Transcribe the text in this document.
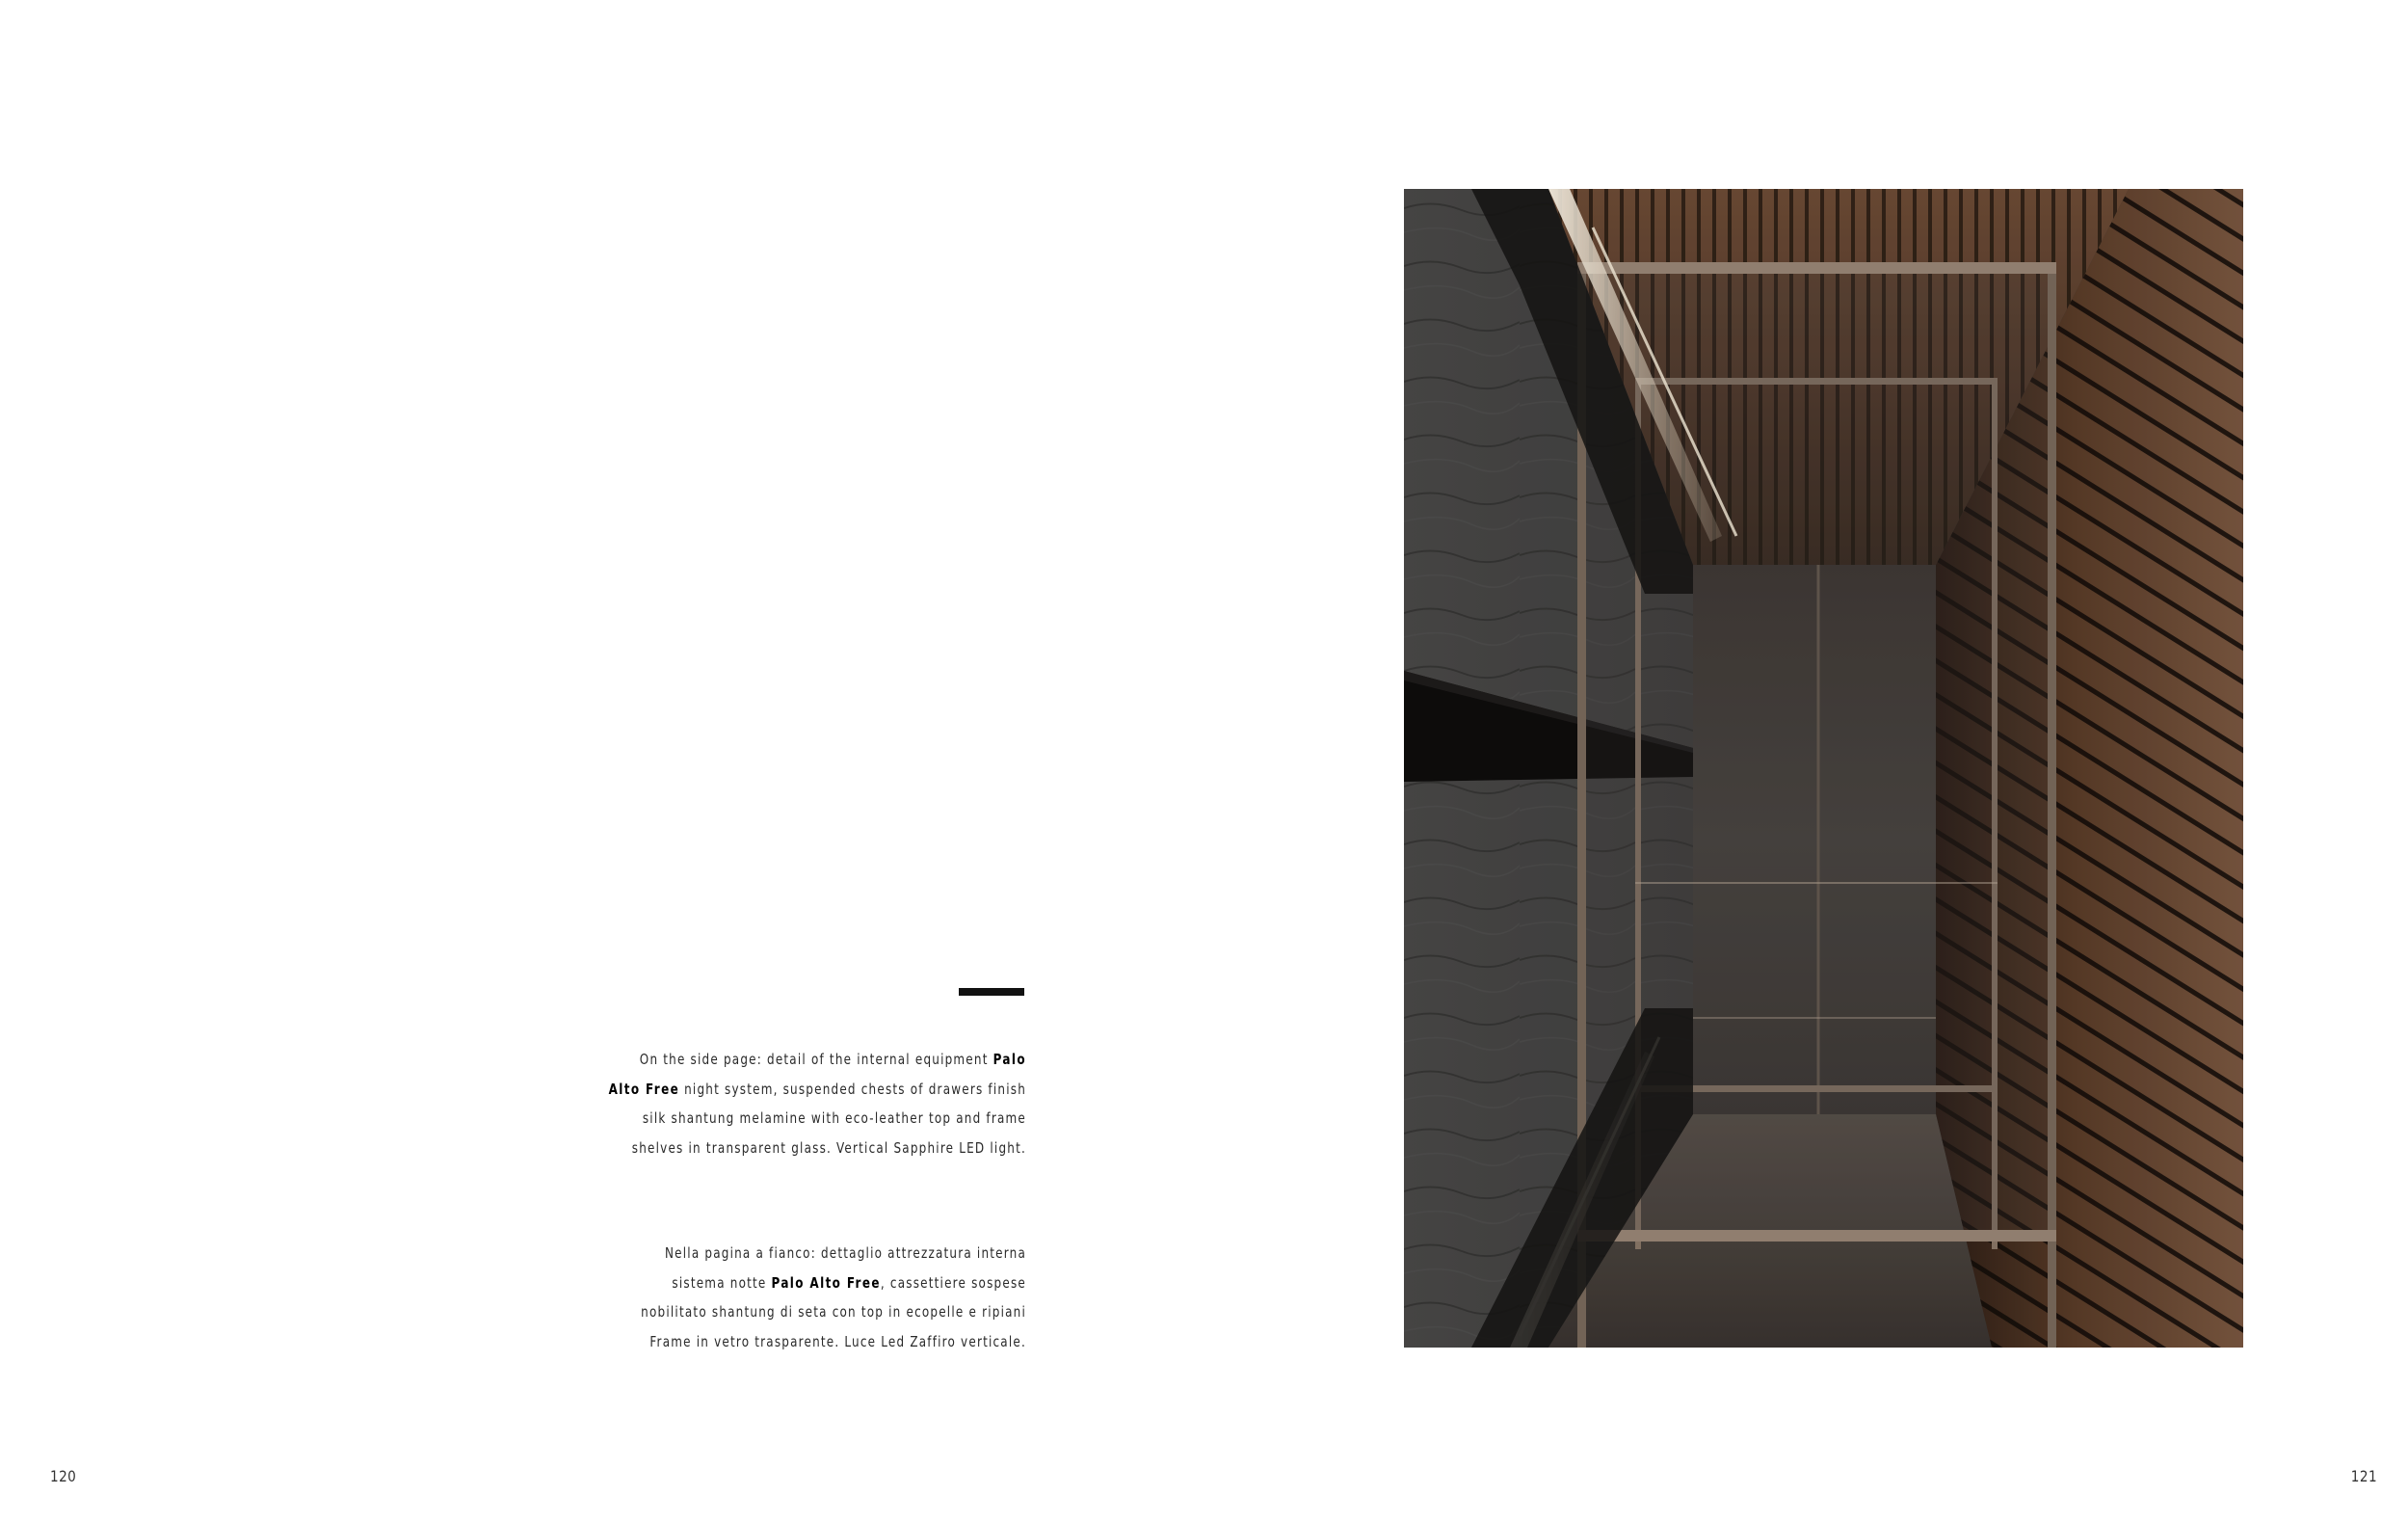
On the side page: detail of the internal equipment Palo Alto Free night system, suspended chests of drawers finish silk shantung melamine with eco-leather top and frame shelves in transparent glass. Vertical Sapphire LED light.
Nella pagina a fianco: dettaglio attrezzatura interna sistema notte Palo Alto Free, cassettiere sospese nobilitato shantung di seta con top in ecopelle e ripiani Frame in vetro trasparente. Luce Led Zaffiro verticale.
120	121
